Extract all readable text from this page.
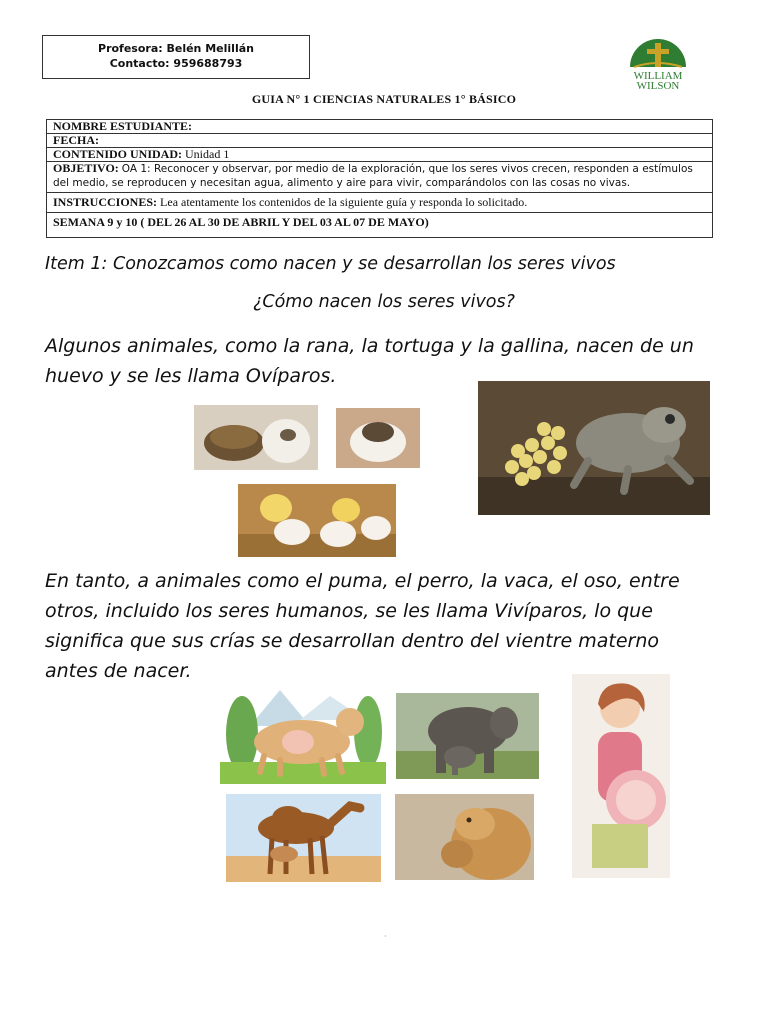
Profesora: Belén Melillán
Contacto: 959688793
WILLIAM
WILSON
GUIA N° 1 CIENCIAS NATURALES 1° BÁSICO
NOMBRE ESTUDIANTE:
FECHA:
CONTENIDO UNIDAD: Unidad 1
OBJETIVO: OA 1: Reconocer y observar, por medio de la exploración, que los seres vivos crecen, responden a estímulos del medio, se reproducen y necesitan agua, alimento y aire para vivir, comparándolos con las cosas no vivas.
INSTRUCCIONES: Lea atentamente los contenidos de la siguiente guía y responda lo solicitado.
SEMANA 9 y 10 ( DEL 26 AL 30 DE ABRIL Y DEL 03 AL 07 DE MAYO)
Item 1: Conozcamos como nacen y se desarrollan los seres vivos
¿Cómo nacen los seres vivos?
Algunos animales, como la rana, la tortuga y la gallina, nacen de un
huevo y se les llama Ovíparos.
En tanto, a animales como el puma, el perro, la vaca, el oso, entre
otros, incluido los seres humanos, se les llama Vivíparos, lo que
significa que sus crías se desarrollan dentro del vientre materno
antes de nacer.
·
